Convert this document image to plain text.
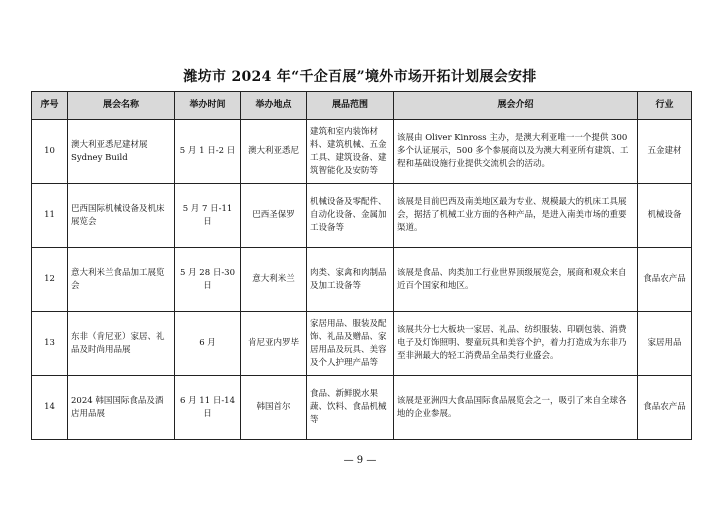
潍坊市 2024 年“千企百展”境外市场开拓计划展会安排
序号	展会名称	举办时间	举办地点	展品范围	展会介绍	行业
10	澳大利亚悉尼建材展 Sydney Build	5 月 1 日-2 日	澳大利亚悉尼	建筑和室内装饰材料、建筑机械、五金工具、建筑设备、建筑智能化及安防等	该展由 Oliver Kinross 主办，是澳大利亚唯一一个提供 300 多个认证展示，500 多个参展商以及为澳大利亚所有建筑、工程和基础设施行业提供交流机会的活动。	五金建材
11	巴西国际机械设备及机床展览会	5 月 7 日-11 日	巴西圣保罗	机械设备及零配件、自动化设备、金属加工设备等	该展是目前巴西及南美地区最为专业、规模最大的机床工具展会，据括了机械工业方面的各种产品，是进入南美市场的重要渠道。	机械设备
12	意大利米兰食品加工展览会	5 月 28 日-30 日	意大利米兰	肉类、家禽和肉制品及加工设备等	该展是食品、肉类加工行业世界顶级展览会，展商和观众来自近百个国家和地区。	食品农产品
13	东非（肯尼亚）家居、礼品及时尚用品展	6 月	肯尼亚内罗毕	家居用品、服装及配饰、礼品及赠品、家居用品及玩具、美容及个人护理产品等	该展共分七大板块一家居、礼品、纺织服装、印刷包装、消费电子及灯饰照明、婴童玩具和美容个护，着力打造成为东非乃至非洲最大的轻工消费品全品类行业盛会。	家居用品
14	2024 韩国国际食品及酒店用品展	6 月 11 日-14 日	韩国首尔	食品、新鲜脱水果蔬、饮料、食品机械等	该展是亚洲四大食品国际食品展览会之一，吸引了来自全球各地的企业参展。	食品农产品
— 9 —
